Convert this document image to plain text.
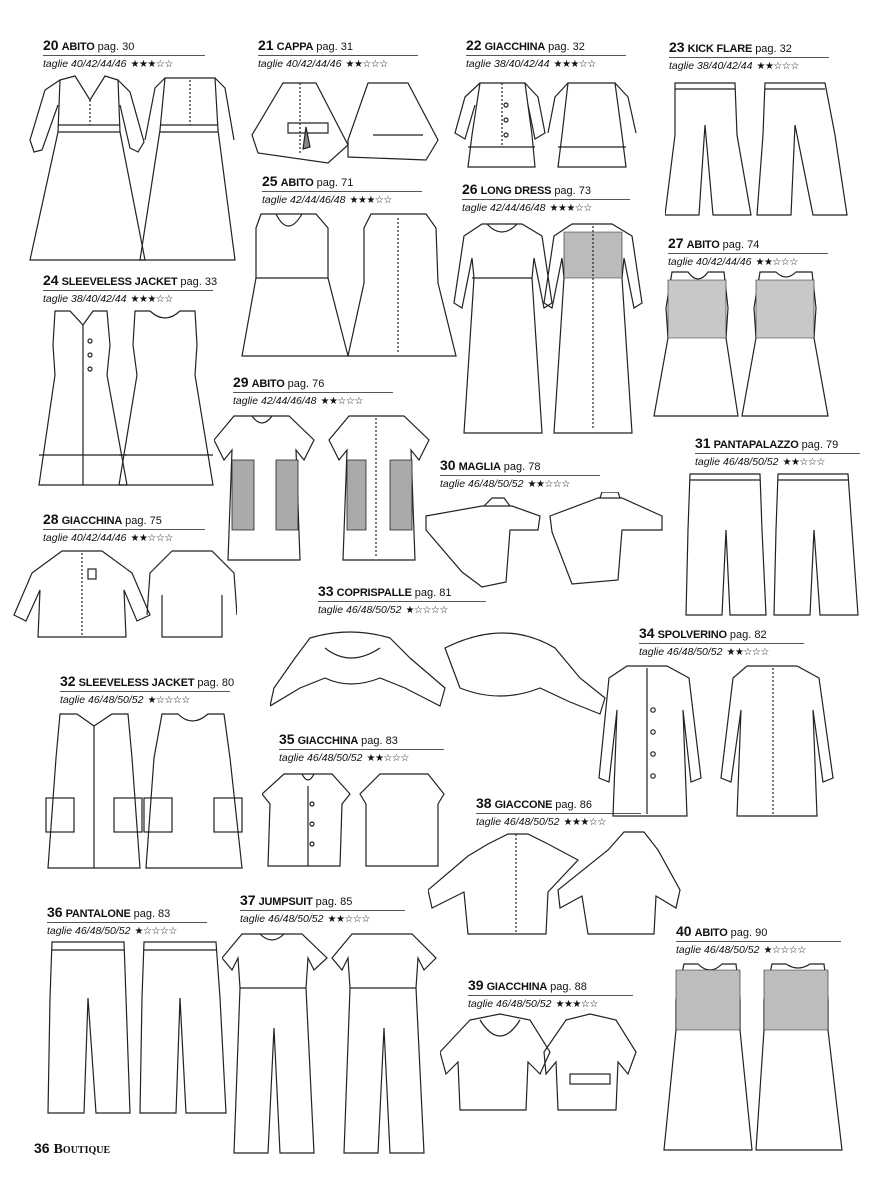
20 ABITO pag. 30
taglie 40/42/44/46 ★★★☆☆
21 CAPPA pag. 31
taglie 40/42/44/46 ★★☆☆☆
22 GIACCHINA pag. 32
taglie 38/40/42/44 ★★★☆☆
23 KICK FLARE pag. 32
taglie 38/40/42/44 ★★☆☆☆
25 ABITO pag. 71
taglie 42/44/46/48 ★★★☆☆
26 LONG DRESS pag. 73
taglie 42/44/46/48 ★★★☆☆
24 SLEEVELESS JACKET pag. 33
taglie 38/40/42/44 ★★★☆☆
27 ABITO pag. 74
taglie 40/42/44/46 ★★☆☆☆
29 ABITO pag. 76
taglie 42/44/46/48 ★★☆☆☆
31 PANTAPALAZZO pag. 79
taglie 46/48/50/52 ★★☆☆☆
30 MAGLIA pag. 78
taglie 46/48/50/52 ★★☆☆☆
28 GIACCHINA pag. 75
taglie 40/42/44/46 ★★☆☆☆
33 COPRISPALLE pag. 81
taglie 46/48/50/52 ★☆☆☆☆
34 SPOLVERINO pag. 82
taglie 46/48/50/52 ★★☆☆☆
32 SLEEVELESS JACKET pag. 80
taglie 46/48/50/52 ★☆☆☆☆
35 GIACCHINA pag. 83
taglie 46/48/50/52 ★★☆☆☆
38 GIACCONE pag. 86
taglie 46/48/50/52 ★★★☆☆
36 PANTALONE pag. 83
taglie 46/48/50/52 ★☆☆☆☆
37 JUMPSUIT pag. 85
taglie 46/48/50/52 ★★☆☆☆
40 ABITO pag. 90
taglie 46/48/50/52 ★☆☆☆☆
39 GIACCHINA pag. 88
taglie 46/48/50/52 ★★★☆☆
36 Boutique
